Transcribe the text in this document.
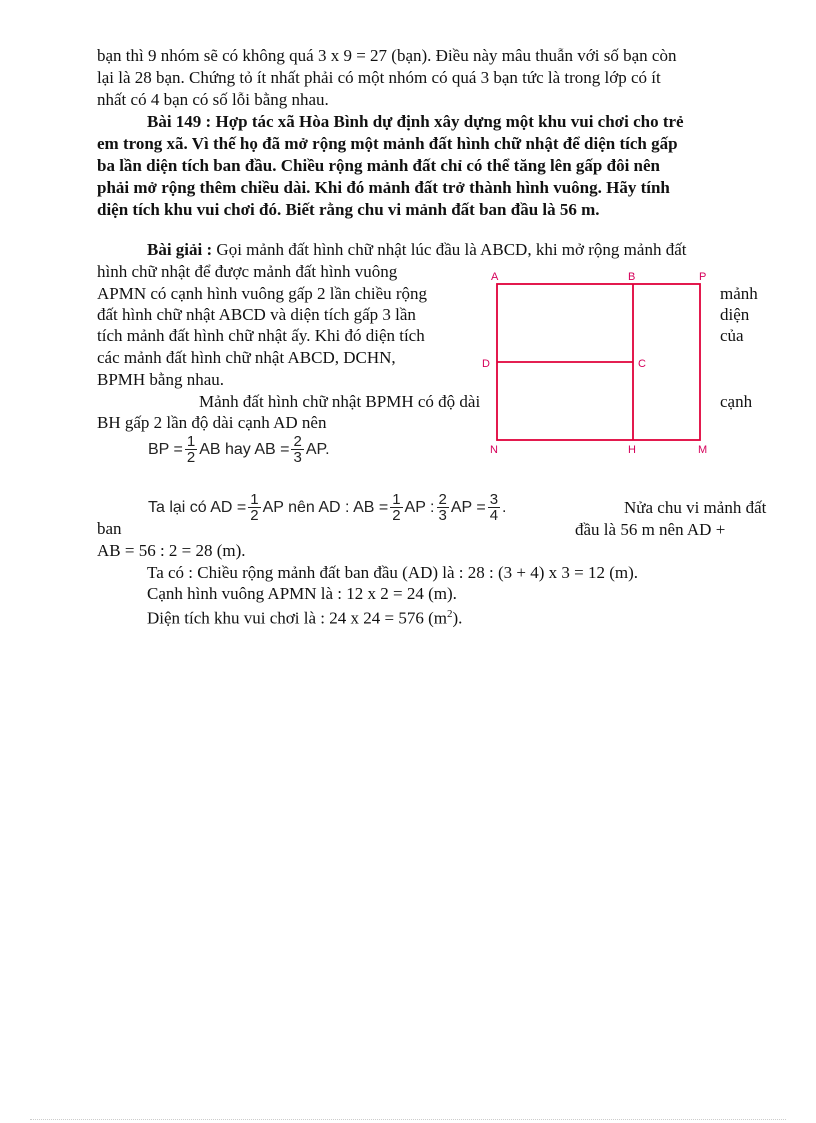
bạn thì 9 nhóm sẽ có không quá 3 x 9 = 27 (bạn). Điều này mâu thuẫn với số bạn còn
lại là 28 bạn. Chứng tỏ ít nhất phải có một nhóm có quá 3 bạn tức là trong lớp có ít
nhất có 4 bạn có số lỗi bằng nhau.
Bài 149 : Hợp tác xã Hòa Bình dự định xây dựng một khu vui chơi cho trẻ
em trong xã. Vì thế họ đã mở rộng một mảnh đất hình chữ nhật để diện tích gấp
ba lần diện tích ban đầu. Chiều rộng mảnh đất chỉ có thể tăng lên gấp đôi nên
phải mở rộng thêm chiều dài. Khi đó mảnh đất trở thành hình vuông. Hãy tính
diện tích khu vui chơi đó. Biết rằng chu vi mảnh đất ban đầu là 56 m.
Bài giải : Gọi mảnh đất hình chữ nhật lúc đầu là ABCD, khi mở rộng mảnh đất
hình chữ nhật để được mảnh đất hình vuông
APMN có cạnh hình vuông gấp 2 lần chiều rộng	mảnh
đất hình chữ nhật ABCD và diện tích gấp 3 lần	diện
tích mảnh đất hình chữ nhật ấy. Khi đó diện tích	của
các mảnh đất hình chữ nhật ABCD, DCHN,
BPMH bằng nhau.
Mảnh đất hình chữ nhật BPMH có độ dài	cạnh
BH gấp 2 lần độ dài cạnh AD nên
BP = $\frac{1}{2}$ AB hay AB = $\frac{2}{3}$ AP.
Ta lại có AD = $\frac{1}{2}$ AP nên AD : AB = $\frac{1}{2}$ AP : $\frac{2}{3}$ AP = $\frac{3}{4}$ .	Nửa chu vi mảnh đất
ban	đầu là 56 m nên AD +
AB = 56 : 2 = 28 (m).
Ta có : Chiều rộng mảnh đất ban đầu (AD) là : 28 : (3 + 4) x 3 = 12 (m).
Cạnh hình vuông APMN là : 12 x 2 = 24 (m).
Diện tích khu vui chơi là : 24 x 24 = 576 $(m^2)$.
A	B	P
D	C
N	H	M
